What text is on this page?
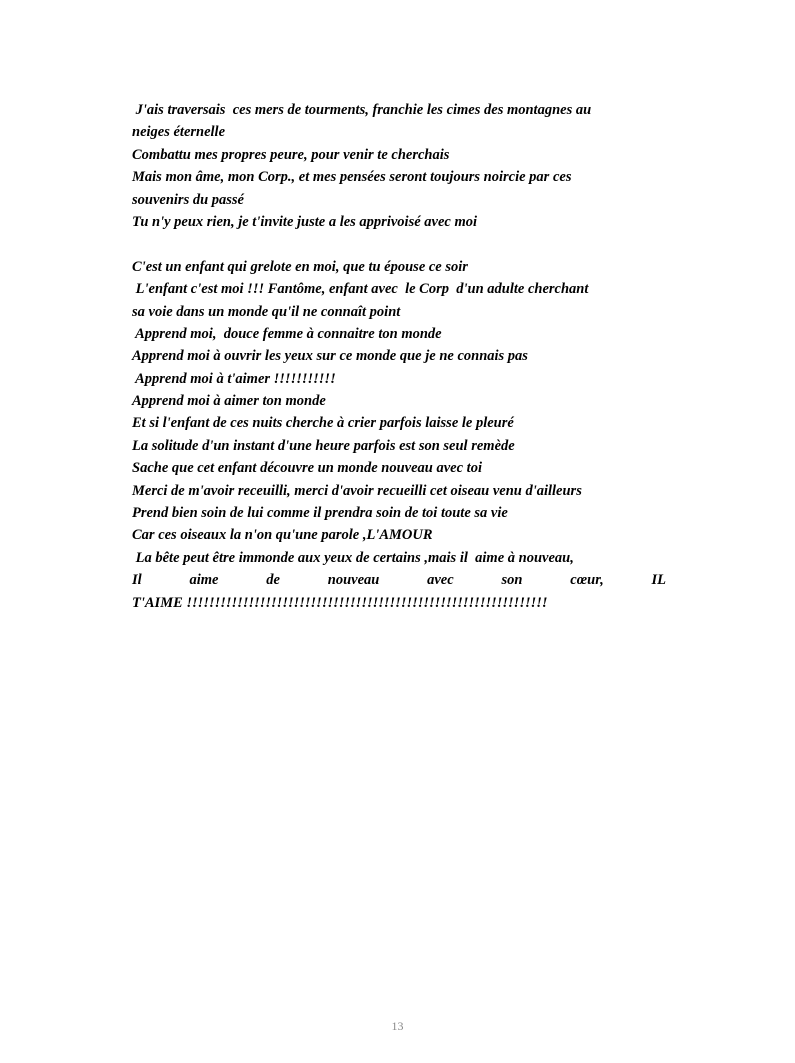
J'ais traversais  ces mers de tourments, franchie les cimes des montagnes au
neiges éternelle
Combattu mes propres peure, pour venir te cherchais
Mais mon âme, mon Corp., et mes pensées seront toujours noircie par ces
souvenirs du passé
Tu n'y peux rien, je t'invite juste a les apprivoisé avec moi
C'est un enfant qui grelote en moi, que tu épouse ce soir
L'enfant c'est moi !!! Fantôme, enfant avec  le Corp  d'un adulte cherchant
sa voie dans un monde qu'il ne connaît point
Apprend moi,  douce femme à connaitre ton monde
Apprend moi à ouvrir les yeux sur ce monde que je ne connais pas
Apprend moi à t'aimer !!!!!!!!!!!
Apprend moi à aimer ton monde
Et si l'enfant de ces nuits cherche à crier parfois laisse le pleuré
La solitude d'un instant d'une heure parfois est son seul remède
Sache que cet enfant découvre un monde nouveau avec toi
Merci de m'avoir receuilli, merci d'avoir recueilli cet oiseau venu d'ailleurs
Prend bien soin de lui comme il prendra soin de toi toute sa vie
Car ces oiseaux la n'on qu'une parole ,L'AMOUR
La bête peut être immonde aux yeux de certains ,mais il  aime à nouveau,
Il	aime	de	nouveau	avec	son	cœur,	IL
T'AIME !!!!!!!!!!!!!!!!!!!!!!!!!!!!!!!!!!!!!!!!!!!!!!!!!!!!!!!!!!!!!!!!
13
